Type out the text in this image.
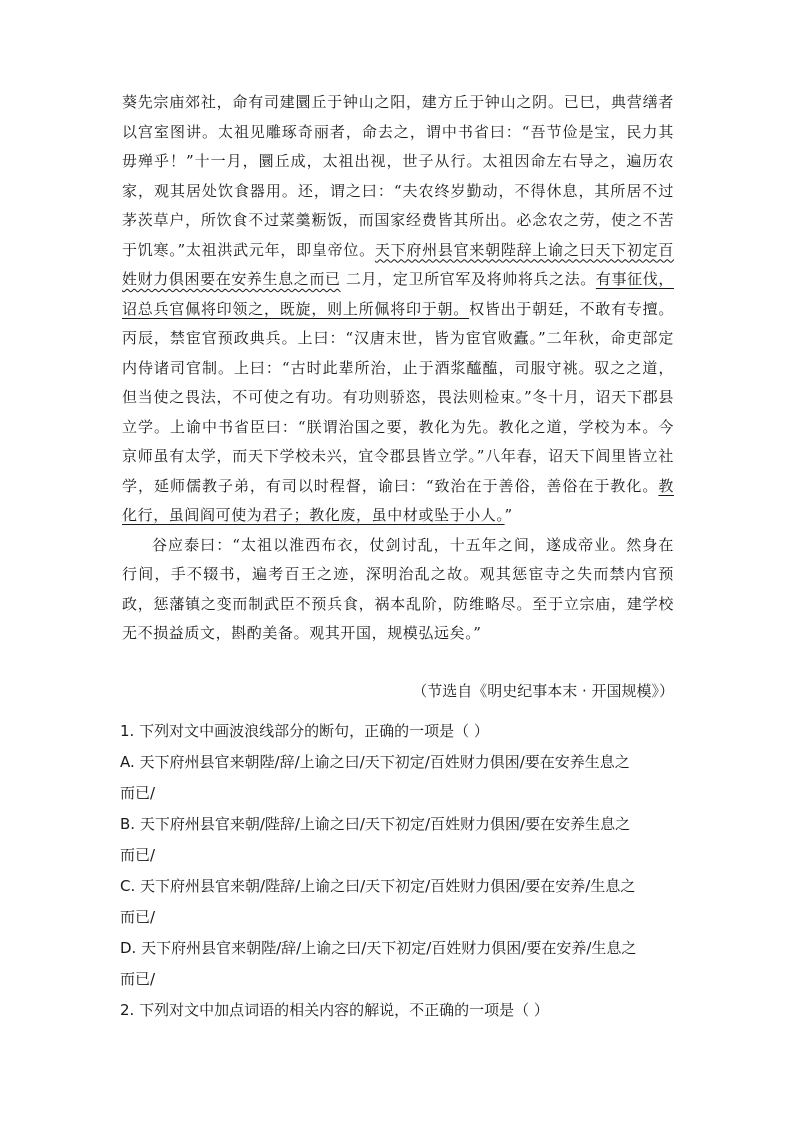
葵先宗庙郊社，命有司建圜丘于钟山之阳，建方丘于钟山之阴。已巳，典营缮者以宫室图讲。太祖见雕琢奇丽者，命去之，谓中书省曰：“吾节俭是宝，民力其毋殚乎！”十一月，圜丘成，太祖出视，世子从行。太祖因命左右导之，遍历农家，观其居处饮食器用。还，谓之曰：“夫农终岁勤动，不得休息，其所居不过茅茨草户，所饮食不过菜羹粝饭，而国家经费皆其所出。必念农之劳，使之不苦于饥寒。”太祖洪武元年，即皇帝位。天下府州县官来朝陛辞上谕之曰天下初定百姓财力俱困要在安养生息之而已 二月，定卫所官军及将帅将兵之法。有事征伐，诏总兵官佩将印领之，既旋，则上所佩将印于朝。权皆出于朝廷，不敢有专擅。丙辰，禁宦官预政典兵。上曰：“汉唐末世，皆为宦官败蠹。”二年秋，命吏部定内侍诸司官制。上曰：“古时此辈所治，止于酒浆醯醢，司服守祧。驭之之道，但当使之畏法，不可使之有功。有功则骄恣，畏法则检束。”冬十月，诏天下郡县立学。上谕中书省臣曰：“朕谓治国之要，教化为先。教化之道，学校为本。今京师虽有太学，而天下学校未兴，宜令郡县皆立学。”八年春，诏天下闾里皆立社学，延师儒教子弟，有司以时程督，谕曰：“致治在于善俗，善俗在于教化。教化行，虽闾阎可使为君子；教化废，虽中材或坠于小人。”

谷应泰曰：“太祖以淮西布衣，仗剑讨乱，十五年之间，遂成帝业。然身在行间，手不辍书，遍考百王之迹，深明治乱之故。观其惩宦寺之失而禁内官预政，惩藩镇之变而制武臣不预兵食，祸本乱阶，防维略尽。至于立宗庙，建学校无不损益质文，斟酌美备。观其开国，规模弘远矣。”

（节选自《明史纪事本末 · 开国规模》）
1. 下列对文中画波浪线部分的断句，正确的一项是（ ）
A. 天下府州县官来朝陛/辞/上谕之曰/天下初定/百姓财力俱困/要在安养生息之
而已/
B. 天下府州县官来朝/陛辞/上谕之曰/天下初定/百姓财力俱困/要在安养生息之
而已/
C. 天下府州县官来朝/陛辞/上谕之曰/天下初定/百姓财力俱困/要在安养/生息之
而已/
D. 天下府州县官来朝陛/辞/上谕之曰/天下初定/百姓财力俱困/要在安养/生息之
而已/
2. 下列对文中加点词语的相关内容的解说，不正确的一项是（ ）
